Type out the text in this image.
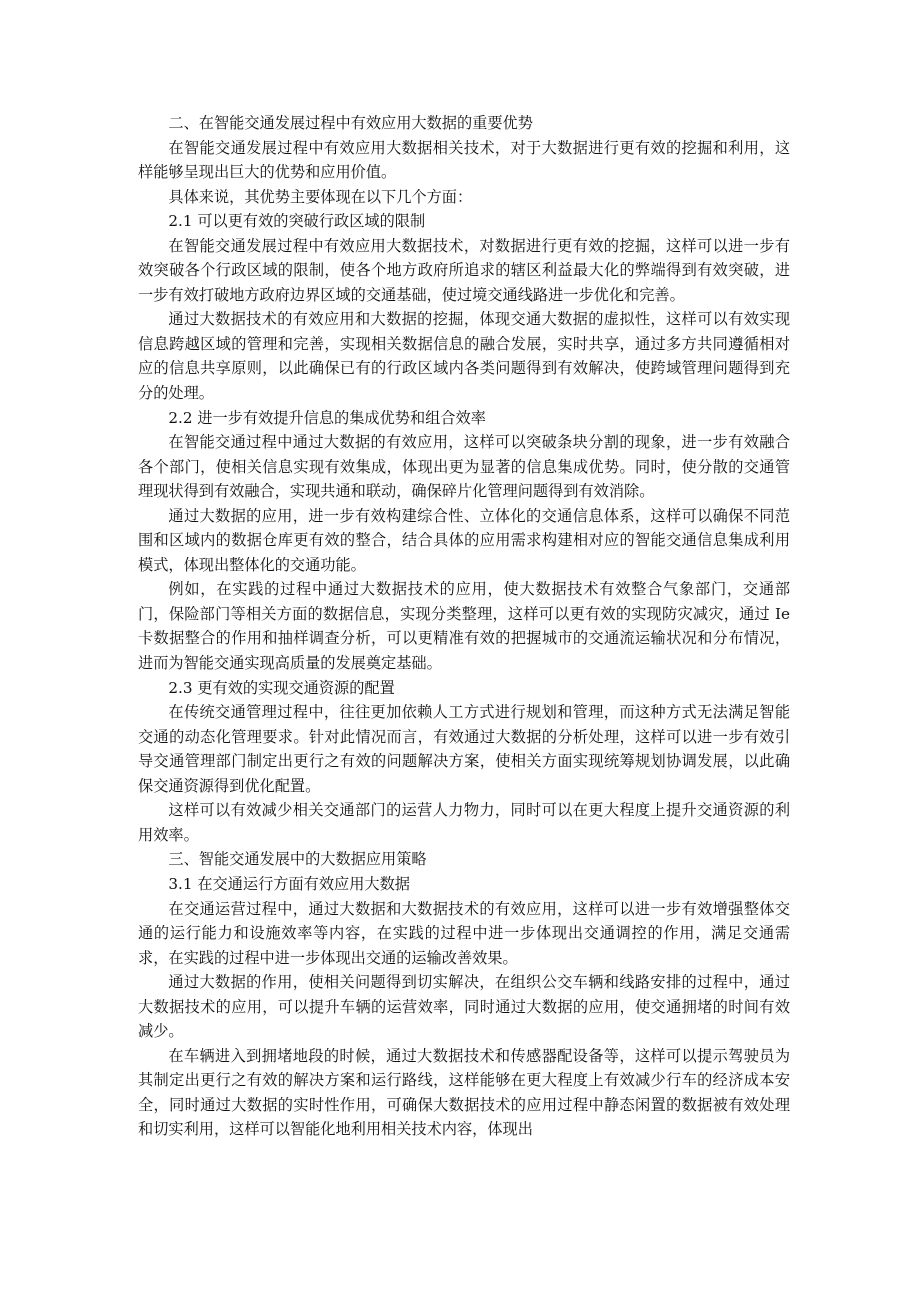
二、在智能交通发展过程中有效应用大数据的重要优势

在智能交通发展过程中有效应用大数据相关技术，对于大数据进行更有效的挖掘和利用，这样能够呈现出巨大的优势和应用价值。

具体来说，其优势主要体现在以下几个方面：

2.1 可以更有效的突破行政区域的限制

在智能交通发展过程中有效应用大数据技术，对数据进行更有效的挖掘，这样可以进一步有效突破各个行政区域的限制，使各个地方政府所追求的辖区利益最大化的弊端得到有效突破，进一步有效打破地方政府边界区域的交通基础，使过境交通线路进一步优化和完善。

通过大数据技术的有效应用和大数据的挖掘，体现交通大数据的虚拟性，这样可以有效实现信息跨越区域的管理和完善，实现相关数据信息的融合发展，实时共享，通过多方共同遵循相对应的信息共享原则，以此确保已有的行政区域内各类问题得到有效解决，使跨域管理问题得到充分的处理。

2.2 进一步有效提升信息的集成优势和组合效率

在智能交通过程中通过大数据的有效应用，这样可以突破条块分割的现象，进一步有效融合各个部门，使相关信息实现有效集成，体现出更为显著的信息集成优势。同时，使分散的交通管理现状得到有效融合，实现共通和联动，确保碎片化管理问题得到有效消除。

通过大数据的应用，进一步有效构建综合性、立体化的交通信息体系，这样可以确保不同范围和区域内的数据仓库更有效的整合，结合具体的应用需求构建相对应的智能交通信息集成利用模式，体现出整体化的交通功能。

例如，在实践的过程中通过大数据技术的应用，使大数据技术有效整合气象部门，交通部门，保险部门等相关方面的数据信息，实现分类整理，这样可以更有效的实现防灾减灾，通过 Ie 卡数据整合的作用和抽样调查分析，可以更精准有效的把握城市的交通流运输状况和分布情况，进而为智能交通实现高质量的发展奠定基础。

2.3 更有效的实现交通资源的配置

在传统交通管理过程中，往往更加依赖人工方式进行规划和管理，而这种方式无法满足智能交通的动态化管理要求。针对此情况而言，有效通过大数据的分析处理，这样可以进一步有效引导交通管理部门制定出更行之有效的问题解决方案，使相关方面实现统筹规划协调发展，以此确保交通资源得到优化配置。

这样可以有效减少相关交通部门的运营人力物力，同时可以在更大程度上提升交通资源的利用效率。

三、智能交通发展中的大数据应用策略

3.1 在交通运行方面有效应用大数据

在交通运营过程中，通过大数据和大数据技术的有效应用，这样可以进一步有效增强整体交通的运行能力和设施效率等内容，在实践的过程中进一步体现出交通调控的作用，满足交通需求，在实践的过程中进一步体现出交通的运输改善效果。

通过大数据的作用，使相关问题得到切实解决，在组织公交车辆和线路安排的过程中，通过大数据技术的应用，可以提升车辆的运营效率，同时通过大数据的应用，使交通拥堵的时间有效减少。

在车辆进入到拥堵地段的时候，通过大数据技术和传感器配设备等，这样可以提示驾驶员为其制定出更行之有效的解决方案和运行路线，这样能够在更大程度上有效减少行车的经济成本安全，同时通过大数据的实时性作用，可确保大数据技术的应用过程中静态闲置的数据被有效处理和切实利用，这样可以智能化地利用相关技术内容，体现出
